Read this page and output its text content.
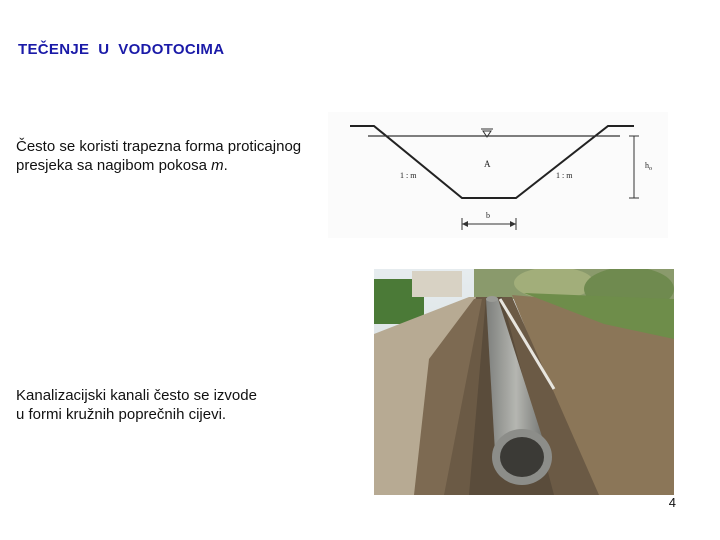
TEČENJE  U  VODOTOCIMA
Često se koristi trapezna forma proticajnog
presjeka sa nagibom pokosa m.	A
1 : m	1 : m
$h_o$
b
Kanalizacijski kanali često se izvode
u formi kružnih poprečnih cijevi.
4
